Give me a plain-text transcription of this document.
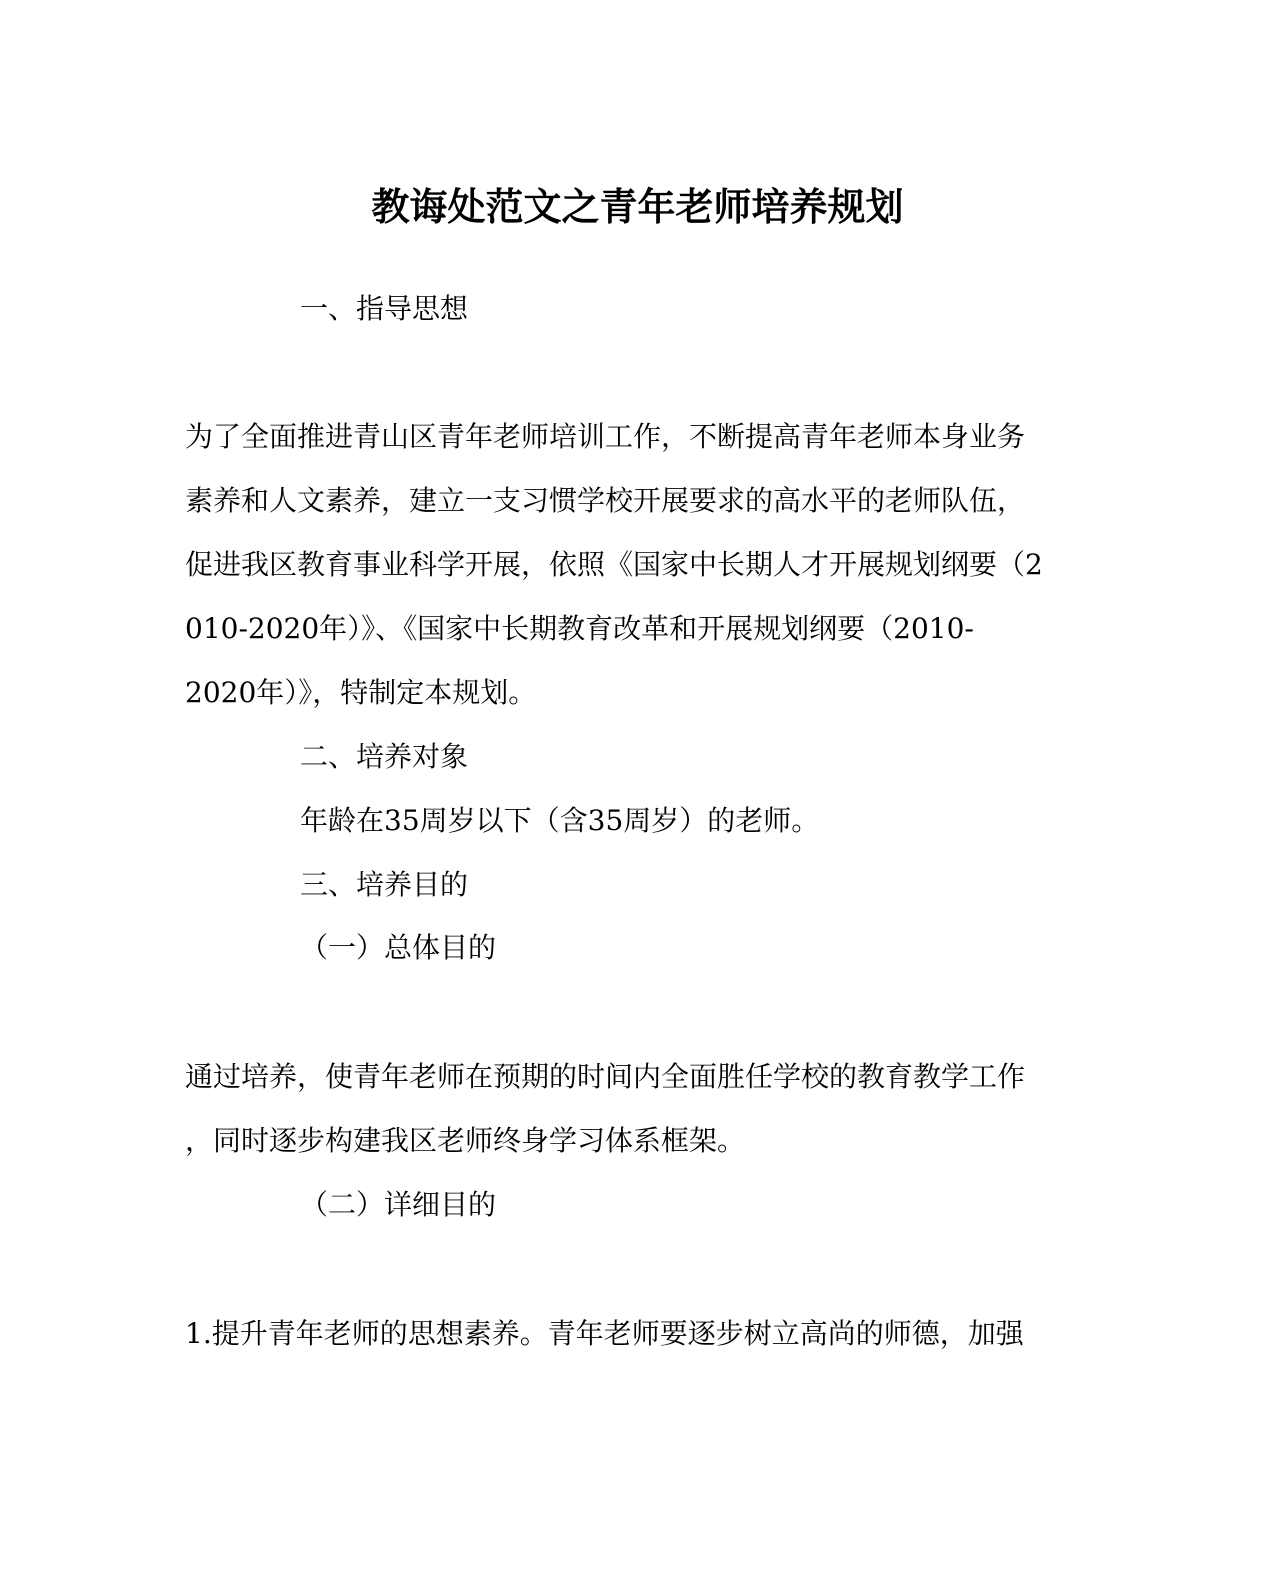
教诲处范文之青年老师培养规划
一、指导思想
为了全面推进青山区青年老师培训工作，不断提高青年老师本身业务
素养和人文素养，建立一支习惯学校开展要求的高水平的老师队伍，
促进我区教育事业科学开展，依照《国家中长期人才开展规划纲要（2
010-2020年）》、《国家中长期教育改革和开展规划纲要（2010-
2020年）》，特制定本规划。
二、培养对象
年龄在35周岁以下（含35周岁）的老师。
三、培养目的
（一）总体目的
通过培养，使青年老师在预期的时间内全面胜任学校的教育教学工作
，同时逐步构建我区老师终身学习体系框架。
（二）详细目的
1.提升青年老师的思想素养。青年老师要逐步树立高尚的师德，加强
